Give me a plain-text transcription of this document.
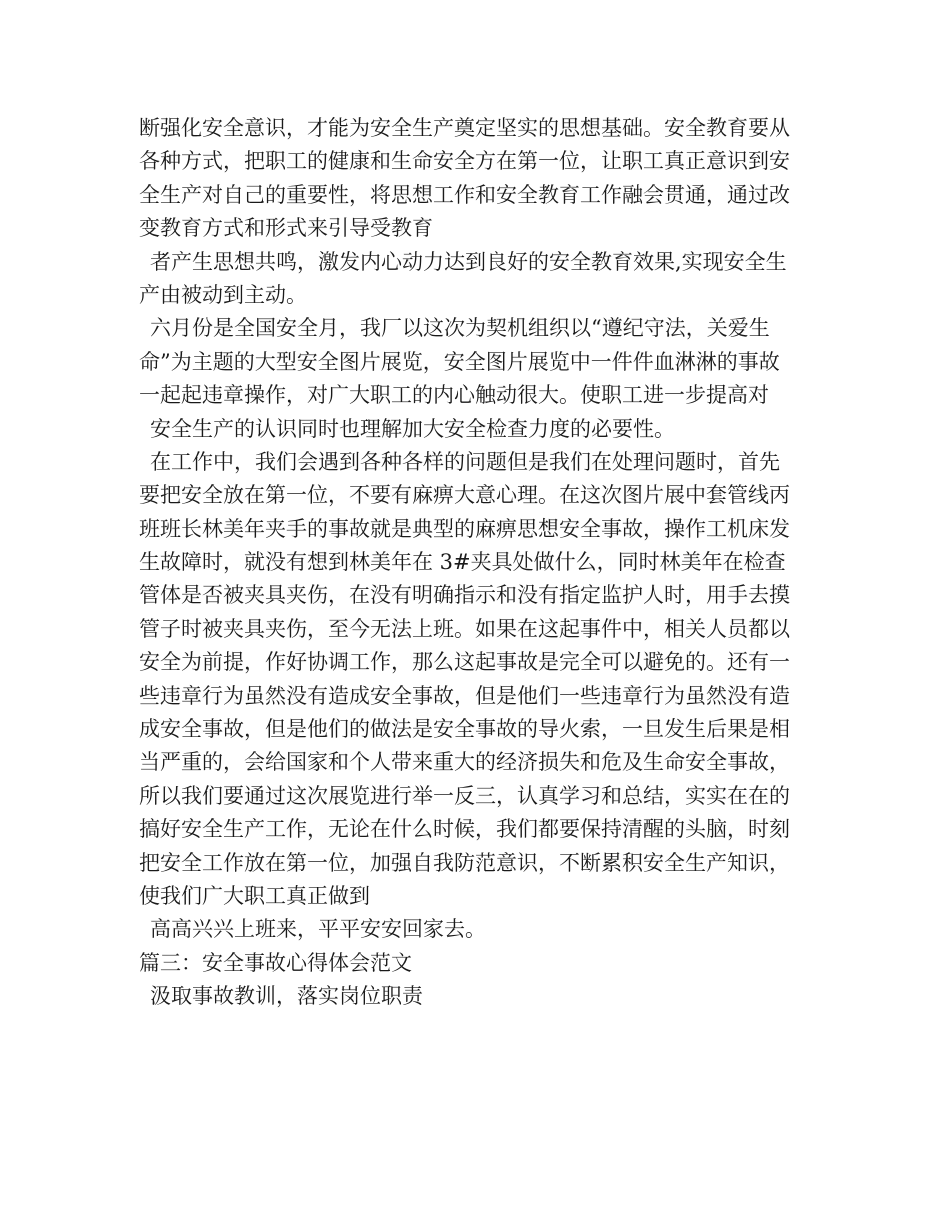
断强化安全意识，才能为安全生产奠定坚实的思想基础。安全教育要从
各种方式，把职工的健康和生命安全方在第一位，让职工真正意识到安
全生产对自己的重要性，将思想工作和安全教育工作融会贯通，通过改
变教育方式和形式来引导受教育
者产生思想共鸣，激发内心动力达到良好的安全教育效果,实现安全生
产由被动到主动。
六月份是全国安全月，我厂以这次为契机组织以“遵纪守法，关爱生
命”为主题的大型安全图片展览，安全图片展览中一件件血淋淋的事故
一起起违章操作，对广大职工的内心触动很大。使职工进一步提高对
安全生产的认识同时也理解加大安全检查力度的必要性。
在工作中，我们会遇到各种各样的问题但是我们在处理问题时，首先
要把安全放在第一位，不要有麻痹大意心理。在这次图片展中套管线丙
班班长林美年夹手的事故就是典型的麻痹思想安全事故，操作工机床发
生故障时，就没有想到林美年在 3#夹具处做什么，同时林美年在检查
管体是否被夹具夹伤，在没有明确指示和没有指定监护人时，用手去摸
管子时被夹具夹伤，至今无法上班。如果在这起事件中，相关人员都以
安全为前提，作好协调工作，那么这起事故是完全可以避免的。还有一
些违章行为虽然没有造成安全事故，但是他们一些违章行为虽然没有造
成安全事故，但是他们的做法是安全事故的导火索，一旦发生后果是相
当严重的，会给国家和个人带来重大的经济损失和危及生命安全事故，
所以我们要通过这次展览进行举一反三，认真学习和总结，实实在在的
搞好安全生产工作，无论在什么时候，我们都要保持清醒的头脑，时刻
把安全工作放在第一位，加强自我防范意识，不断累积安全生产知识，
使我们广大职工真正做到
高高兴兴上班来，平平安安回家去。
篇三：安全事故心得体会范文
汲取事故教训，落实岗位职责
